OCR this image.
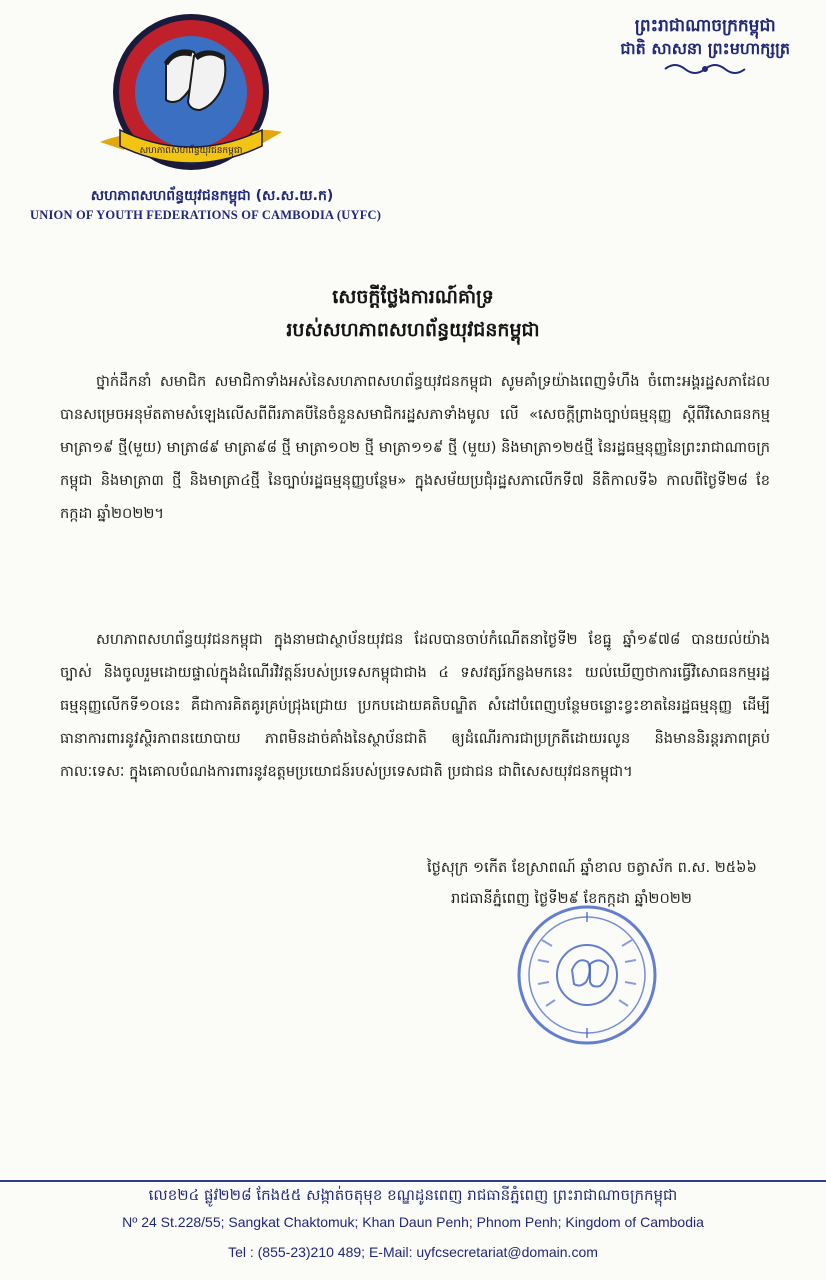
សហភាពសហព័ន្ធយុវជនកម្ពុជា
សហភាពសហព័ន្ធយុវជនកម្ពុជា (ស.ស.យ.ក)
UNION OF YOUTH FEDERATIONS OF CAMBODIA (UYFC)
ព្រះរាជាណាចក្រកម្ពុជា
ជាតិ សាសនា ព្រះមហាក្សត្រ
សេចក្ដីថ្លែងការណ៍គាំទ្រ
របស់សហភាពសហព័ន្ធយុវជនកម្ពុជា
ថ្នាក់ដឹកនាំ សមាជិក សមាជិកាទាំងអស់នៃសហភាពសហព័ន្ធយុវជនកម្ពុជា សូមគាំទ្រយ៉ាងពេញទំហឹង ចំពោះអង្គរដ្ឋសភាដែលបានសម្រេចអនុម័តតាមសំឡេងលើសពីពីរភាគបីនៃចំនួនសមាជិករដ្ឋសភាទាំងមូល លើ «សេចក្ដីព្រាងច្បាប់ធម្មនុញ្ញ ស្ដីពីវិសោធនកម្មមាត្រា១៩ ថ្មី(មួយ) មាត្រា៨៩ មាត្រា៩៨ ថ្មី មាត្រា១០២ ថ្មី មាត្រា១១៩ ថ្មី (មួយ) និងមាត្រា១២៥ថ្មី នៃរដ្ឋធម្មនុញ្ញនៃព្រះរាជាណាចក្រកម្ពុជា និងមាត្រា៣ ថ្មី និងមាត្រា៤ថ្មី នៃច្បាប់រដ្ឋធម្មនុញ្ញបន្ថែម» ក្នុងសម័យប្រជុំរដ្ឋសភាលើកទី៧ នីតិកាលទី៦ កាលពីថ្ងៃទី២៨ ខែកក្កដា ឆ្នាំ២០២២។
សហភាពសហព័ន្ធយុវជនកម្ពុជា ក្នុងនាមជាស្ថាប័នយុវជន ដែលបានចាប់កំណើតនាថ្ងៃទី២ ខែធ្នូ ឆ្នាំ១៩៧៨ បានយល់យ៉ាងច្បាស់ និងចូលរួមដោយផ្ទាល់ក្នុងដំណើរវិវត្តន៍របស់ប្រទេសកម្ពុជាជាង ៤ ទសវត្សរ៍កន្លងមកនេះ យល់ឃើញថាការធ្វើវិសោធនកម្មរដ្ឋធម្មនុញ្ញលើកទី១០នេះ គឺជាការគិតគូរគ្រប់ជ្រុងជ្រោយ ប្រកបដោយគតិបណ្ឌិត សំដៅបំពេញបន្ថែមចន្លោះខ្វះខាតនៃរដ្ឋធម្មនុញ្ញ ដើម្បីធានាការពារនូវស្ថិរភាពនយោបាយ ភាពមិនដាច់គាំងនៃស្ថាប័នជាតិ ឲ្យដំណើរការជាប្រក្រតីដោយរលូន និងមាននិរន្តរភាពគ្រប់កាលៈទេសៈ ក្នុងគោលបំណងការពារនូវឧត្តមប្រយោជន៍របស់ប្រទេសជាតិ ប្រជាជន ជាពិសេសយុវជនកម្ពុជា។
ថ្ងៃសុក្រ ១កើត ខែស្រាពណ៍ ឆ្នាំខាល ចត្វាស័ក ព.ស. ២៥៦៦
រាជធានីភ្នំពេញ ថ្ងៃទី២៩ ខែកក្កដា ឆ្នាំ២០២២
លេខ២៤ ផ្លូវ២២៨ កែង៥៥ សង្កាត់ចតុមុខ ខណ្ឌដូនពេញ រាជធានីភ្នំពេញ ព្រះរាជាណាចក្រកម្ពុជា
Nº 24 St.228/55; Sangkat Chaktomuk; Khan Daun Penh; Phnom Penh; Kingdom of Cambodia
Tel : (855-23)210 489; E-Mail: uyfcsecretariat@domain.com
